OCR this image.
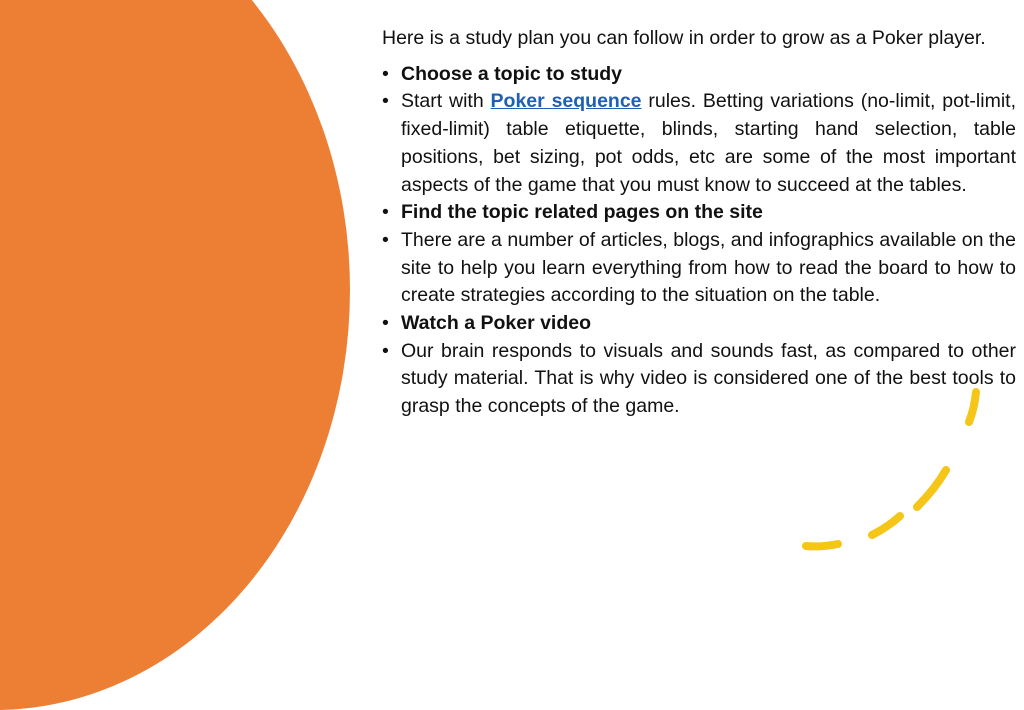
Here is a study plan you can follow in order to grow as a Poker player.

• Choose a topic to study
• Start with Poker sequence rules. Betting variations (no-limit, pot-limit, fixed-limit) table etiquette, blinds, starting hand selection, table positions, bet sizing, pot odds, etc are some of the most important aspects of the game that you must know to succeed at the tables.
• Find the topic related pages on the site
• There are a number of articles, blogs, and infographics available on the site to help you learn everything from how to read the board to how to create strategies according to the situation on the table.
• Watch a Poker video
• Our brain responds to visuals and sounds fast, as compared to other study material. That is why video is considered one of the best tools to grasp the concepts of the game.
